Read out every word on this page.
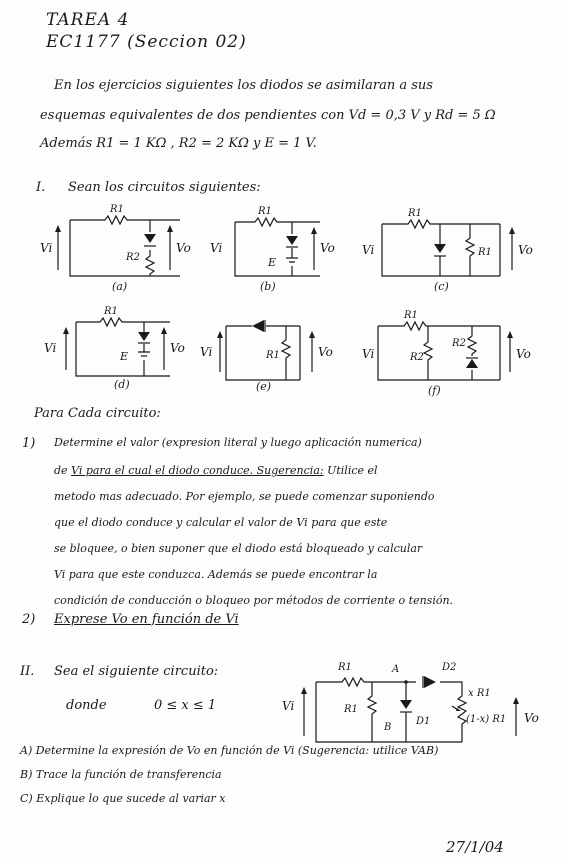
TAREA 4
EC1177 (Seccion 02)
En los ejercicios siguientes los diodos se asimilaran a sus
esquemas equivalentes de dos pendientes con Vd = 0,3 V y Rd = 5 Ω
Además R1 = 1 KΩ , R2 = 2 KΩ y E = 1 V.
I. Sean los circuitos siguientes:
R1
R2
Vi	Vo
(a)
R1
E
Vi	Vo
(b)
R1
R1
Vi	Vo
(c)
R1
E
Vi	Vo
(d)
R1
Vi	Vo
(e)
R1
R2
R2
Vi	Vo
(f)
Para Cada circuito:
1) Determine el valor (expresion literal y luego aplicación numerica)
de Vi para el cual el diodo conduce. Sugerencia: Utilice el
metodo mas adecuado. Por ejemplo, se puede comenzar suponiendo
que el diodo conduce y calcular el valor de Vi para que este
se bloquee, o bien suponer que el diodo está bloqueado y calcular
Vi para que este conduzca. Además se puede encontrar la
condición de conducción o bloqueo por métodos de corriente o tensión.
2) Exprese Vo en función de Vi
II. Sea el siguiente circuito:
donde	0 ≤ x ≤ 1
R1
R1
A
B
D1
D2
x R1
(1-x) R1
Vi
Vo
A) Determine la expresión de Vo en función de Vi (Sugerencia: utilice VAB)
B) Trace la función de transferencia
C) Explique lo que sucede al variar x
27/1/04
